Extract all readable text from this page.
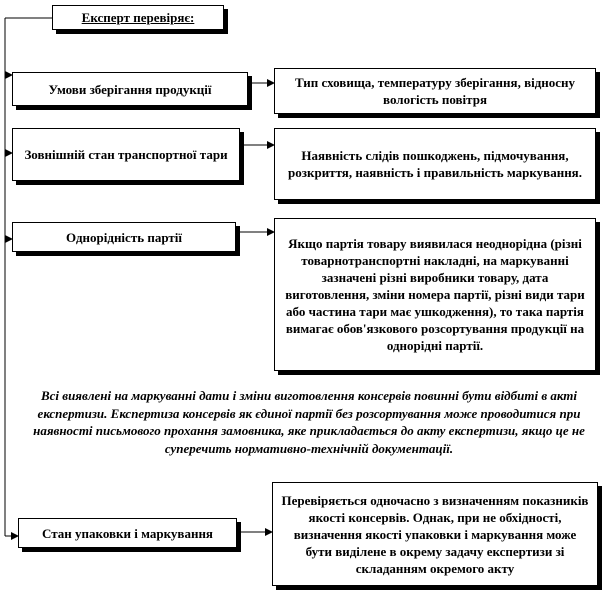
Експерт перевіряє:
Умови зберігання продукції	Тип сховища, температуру зберігання, відносну вологість повітря
Зовнішній стан транспортної тари	Наявність слідів пошкоджень, підмочування, розкриття, наявність і правильність маркування.
Однорідність партії	Якщо партія товару виявилася неоднорідна (різні товарнотранспортні накладні, на маркуванні зазначені різні виробники товару, дата виготовлення, зміни номера партії, різні види тари або частина тари має ушкодження), то така партія вимагає обов'язкового розсортування продукції на однорідні партії.
Всі виявлені на маркуванні дати і зміни виготовлення консервів повинні бути відбиті в акті експертизи. Експертиза консервів як єдиної партії без розсортування може проводитися при наявності письмового прохання замовника, яке прикладається до акту експертизи, якщо це не суперечить нормативно-технічній документації.
Стан упаковки і маркування
Перевіряється одночасно з визначенням показників якості консервів. Однак, при не обхідності, визначення якості упаковки і маркування може бути виділене в окрему задачу експертизи зі складанням окремого акту
